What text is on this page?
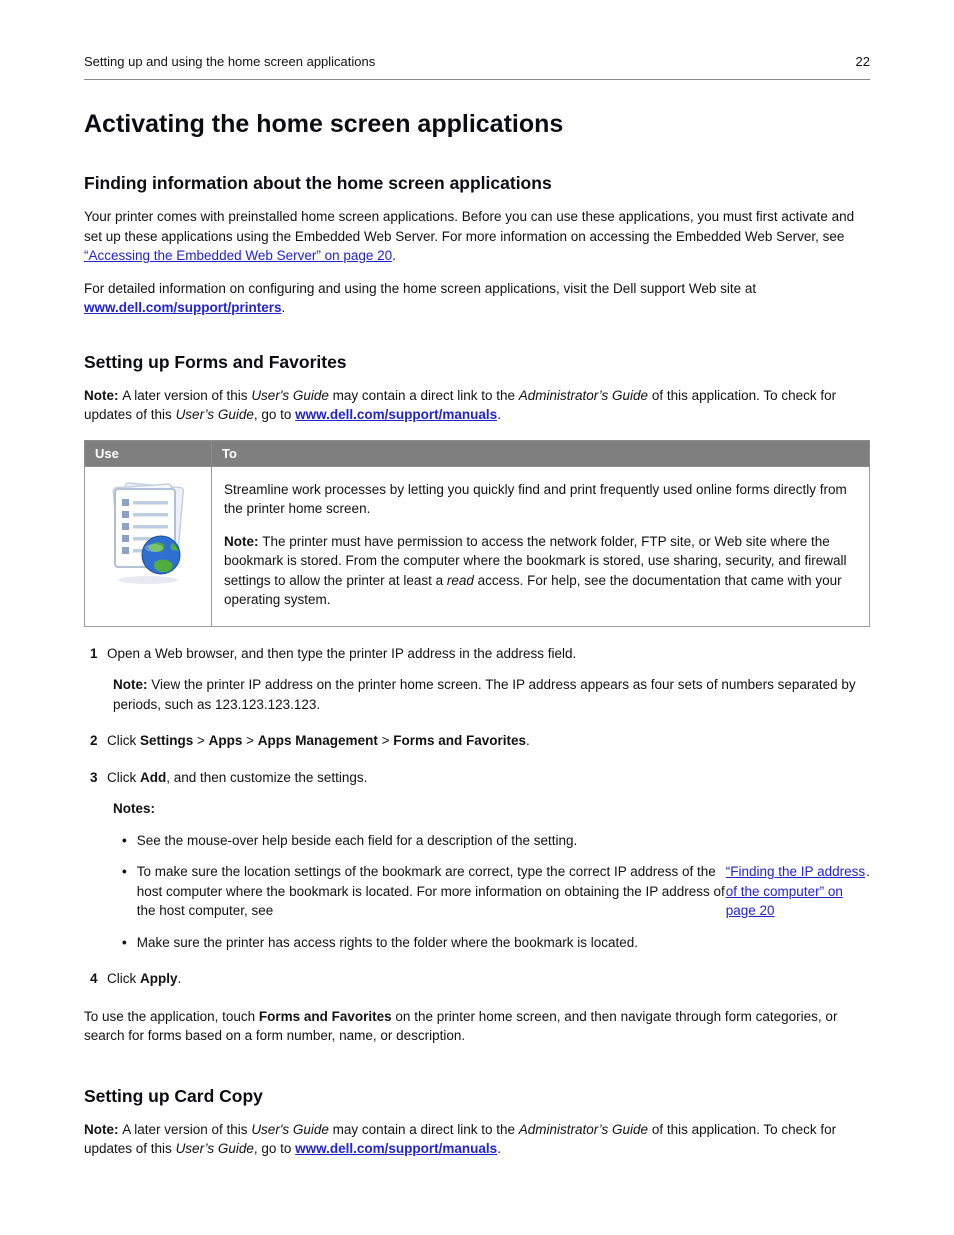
Setting up and using the home screen applications	22
Activating the home screen applications
Finding information about the home screen applications

Your printer comes with preinstalled home screen applications. Before you can use these applications, you must first activate and set up these applications using the Embedded Web Server. For more information on accessing the Embedded Web Server, see “Accessing the Embedded Web Server” on page 20.

For detailed information on configuring and using the home screen applications, visit the Dell support Web site at www.dell.com/support/printers.

Setting up Forms and Favorites

Note: A later version of this User's Guide may contain a direct link to the Administrator’s Guide of this application. To check for updates of this User’s Guide, go to www.dell.com/support/manuals.

Use	To

Streamline work processes by letting you quickly find and print frequently used online forms directly from the printer home screen.

Note: The printer must have permission to access the network folder, FTP site, or Web site where the bookmark is stored. From the computer where the bookmark is stored, use sharing, security, and firewall settings to allow the printer at least a read access. For help, see the documentation that came with your operating system.

1 Open a Web browser, and then type the printer IP address in the address field.

Note: View the printer IP address on the printer home screen. The IP address appears as four sets of numbers separated by periods, such as 123.123.123.123.

2 Click Settings > Apps > Apps Management > Forms and Favorites.

3 Click Add, and then customize the settings.

Notes:

• See the mouse-over help beside each field for a description of the setting.
• To make sure the location settings of the bookmark are correct, type the correct IP address of the host computer where the bookmark is located. For more information on obtaining the IP address of the host computer, see
“Finding the IP address of the computer” on page 20
.
• Make sure the printer has access rights to the folder where the bookmark is located.
4 Click Apply.

To use the application, touch Forms and Favorites on the printer home screen, and then navigate through form categories, or search for forms based on a form number, name, or description.

Setting up Card Copy

Note: A later version of this User's Guide may contain a direct link to the Administrator’s Guide of this application. To check for updates of this User’s Guide, go to www.dell.com/support/manuals.
